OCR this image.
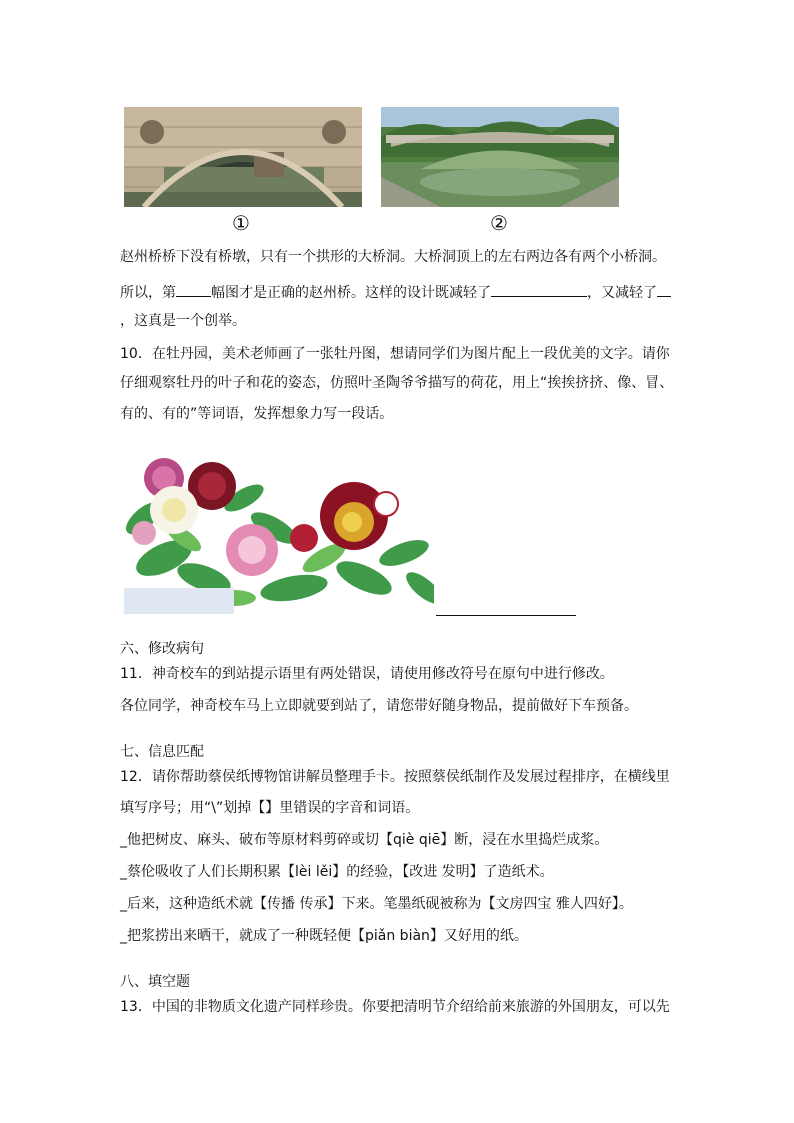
①	②
赵州桥桥下没有桥墩，只有一个拱形的大桥洞。大桥洞顶上的左右两边各有两个小桥洞。
所以，第	幅图才是正确的赵州桥。这样的设计既减轻了	，又减轻了
，这真是一个创举。
10．在牡丹园，美术老师画了一张牡丹图，想请同学们为图片配上一段优美的文字。请你
仔细观察牡丹的叶子和花的姿态，仿照叶圣陶爷爷描写的荷花，用上“挨挨挤挤、像、冒、
有的、有的”等词语，发挥想象力写一段话。
六、修改病句
11．神奇校车的到站提示语里有两处错误，请使用修改符号在原句中进行修改。
各位同学，神奇校车马上立即就要到站了，请您带好随身物品，提前做好下车预备。
七、信息匹配
12．请你帮助蔡侯纸博物馆讲解员整理手卡。按照蔡侯纸制作及发展过程排序，在横线里
填写序号；用“\”划掉【】里错误的字音和词语。
_他把树皮、麻头、破布等原材料剪碎或切【qiè qiē】断，浸在水里捣烂成浆。
_蔡伦吸收了人们长期积累【lèi lěi】的经验，【改进 发明】了造纸术。
_后来，这种造纸术就【传播 传承】下来。笔墨纸砚被称为【文房四宝 雅人四好】。
_把浆捞出来晒干，就成了一种既轻便【piǎn biàn】又好用的纸。
八、填空题
13．中国的非物质文化遗产同样珍贵。你要把清明节介绍给前来旅游的外国朋友，可以先
